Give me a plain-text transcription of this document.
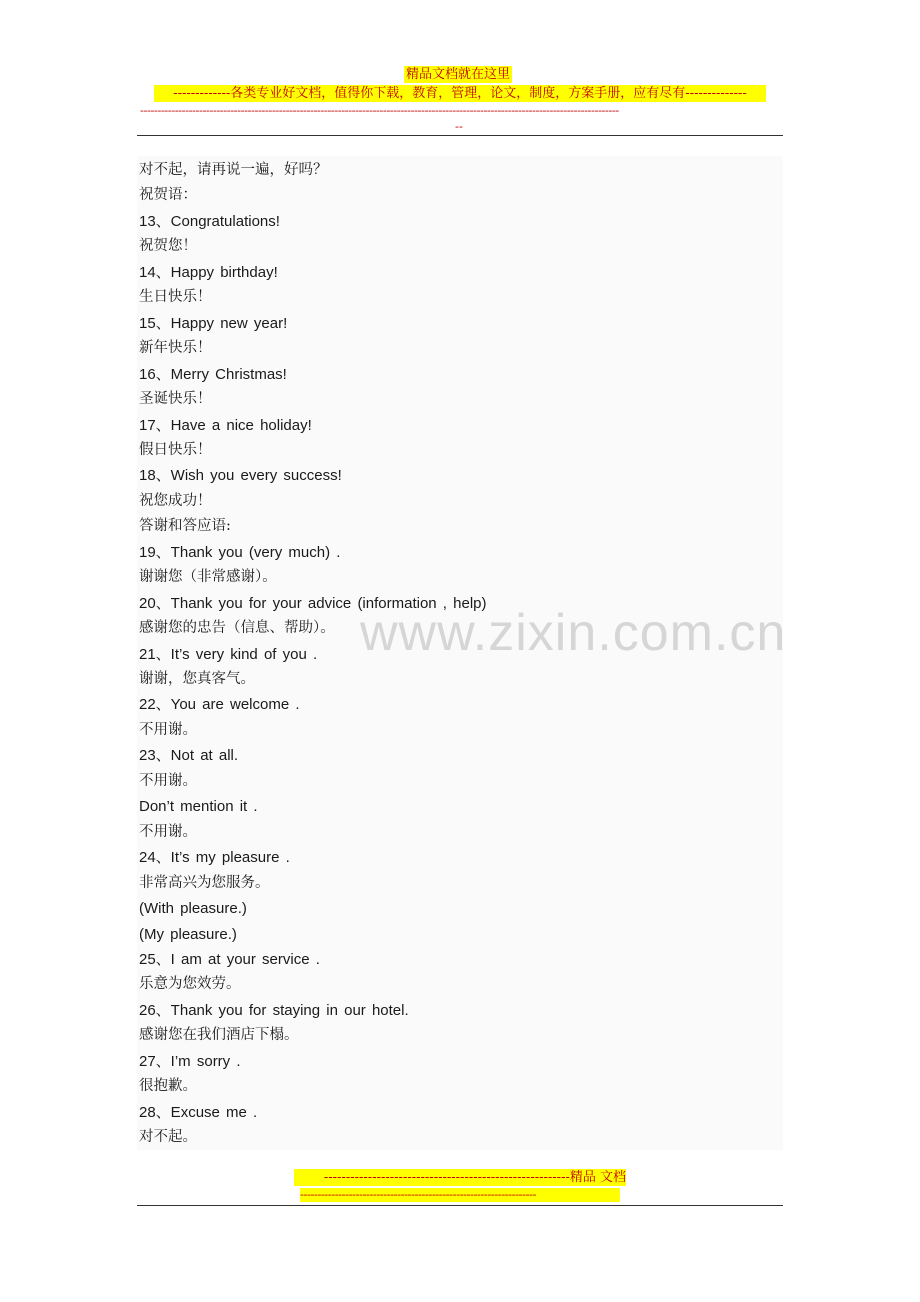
精品文档就在这里
-------------各类专业好文档，值得你下载，教育，管理，论文，制度，方案手册，应有尽有--------------
------------------------------------------------------------------------------------------------------------------------------------------
--
对不起，请再说一遍，好吗？
祝贺语：
13、Congratulations!
祝贺您！
14、Happy birthday!
生日快乐！
15、Happy new year!
新年快乐！
16、Merry Christmas!
圣诞快乐！
17、Have a nice holiday!
假日快乐！
18、Wish you every success!
祝您成功！
答谢和答应语:
19、Thank you (very much) .
谢谢您（非常感谢）。
20、Thank you for your advice (information , help)
感谢您的忠告（信息、帮助）。
21、It’s very kind of you .
谢谢，您真客气。
22、You are welcome .
不用谢。
23、Not at all.
不用谢。
Don’t mention it .
不用谢。
24、It’s my pleasure .
非常高兴为您服务。
(With pleasure.)
(My pleasure.)
25、I am at your service .
乐意为您效劳。
26、Thank you for staying in our hotel.
感谢您在我们酒店下榻。
27、I’m sorry .
很抱歉。
28、Excuse me .
对不起。
www.zixin.com.cn
--------------------------------------------------------精品 文档
--------------------------------------------------------------------
